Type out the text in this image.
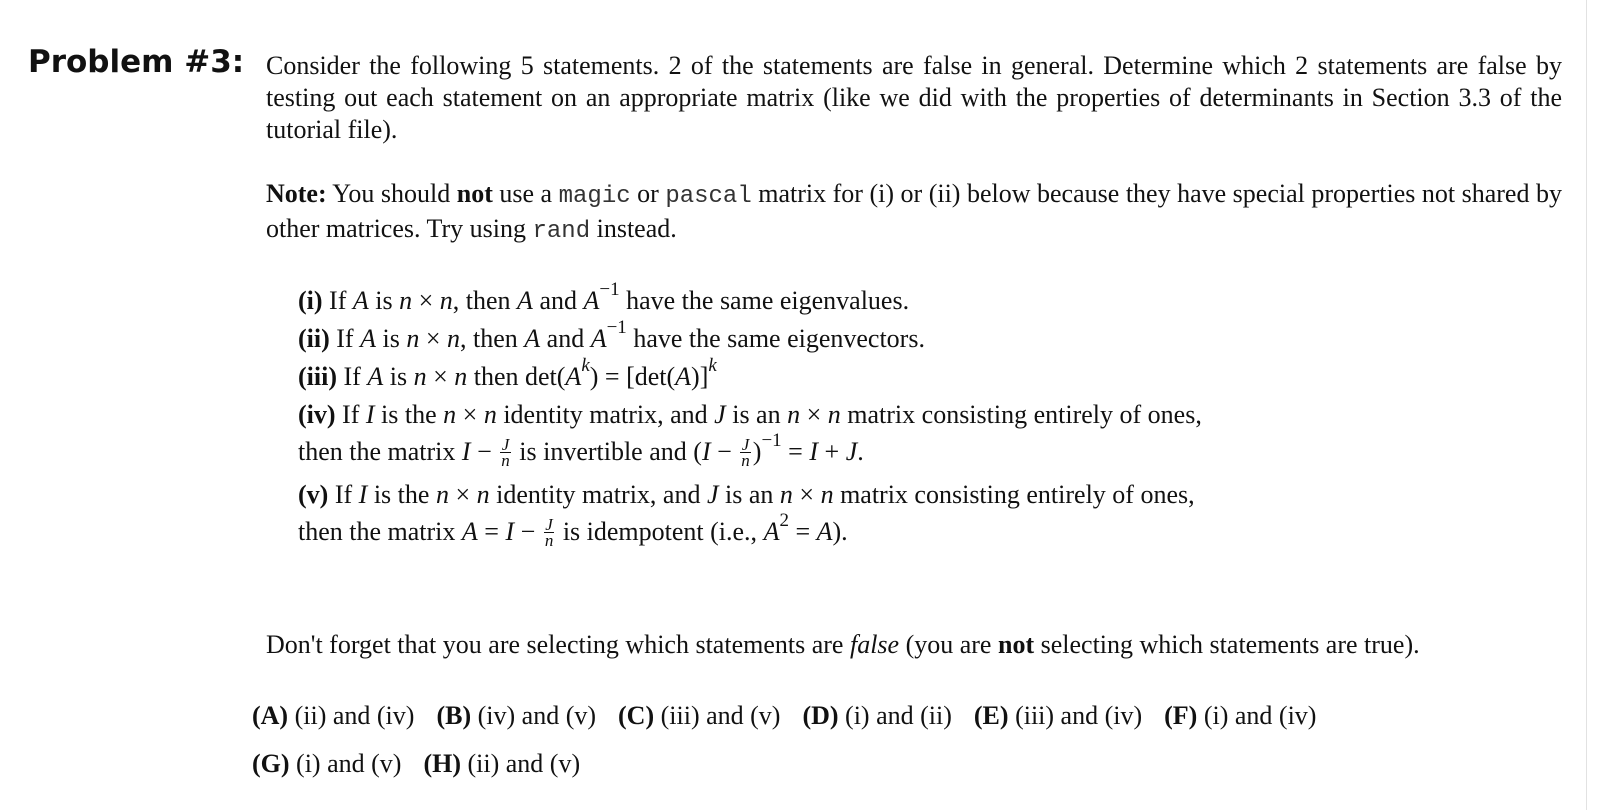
Problem #3: Consider the following 5 statements. 2 of the statements are false in general. Determine which 2 statements are false by testing out each statement on an appropriate matrix (like we did with the properties of determinants in Section 3.3 of the tutorial file).
Note: You should not use a magic or pascal matrix for (i) or (ii) below because they have special properties not shared by other matrices. Try using rand instead.
(i) If A is n × n, then A and $A^{-1}$ have the same eigenvalues.
(ii) If A is n × n, then A and $A^{-1}$ have the same eigenvectors.
(iii) If A is n × n then $\det(A^k) = [\det(A)]^k$
(iv) If I is the n × n identity matrix, and J is an n × n matrix consisting entirely of ones,
then the matrix $I - \frac{J}{n}$ is invertible and $(I - \frac{J}{n} )^{-1} = I + J$.
(v) If I is the n × n identity matrix, and J is an n × n matrix consisting entirely of ones,
then the matrix $A = I - \frac{J}{n}$ is idempotent (i.e., $A^2 = A$).
Don't forget that you are selecting which statements are false (you are not selecting which statements are true).
(A) (ii) and (iv) (B) (iv) and (v) (C) (iii) and (v) (D) (i) and (ii) (E) (iii) and (iv) (F) (i) and (iv)
(G) (i) and (v) (H) (ii) and (v)
